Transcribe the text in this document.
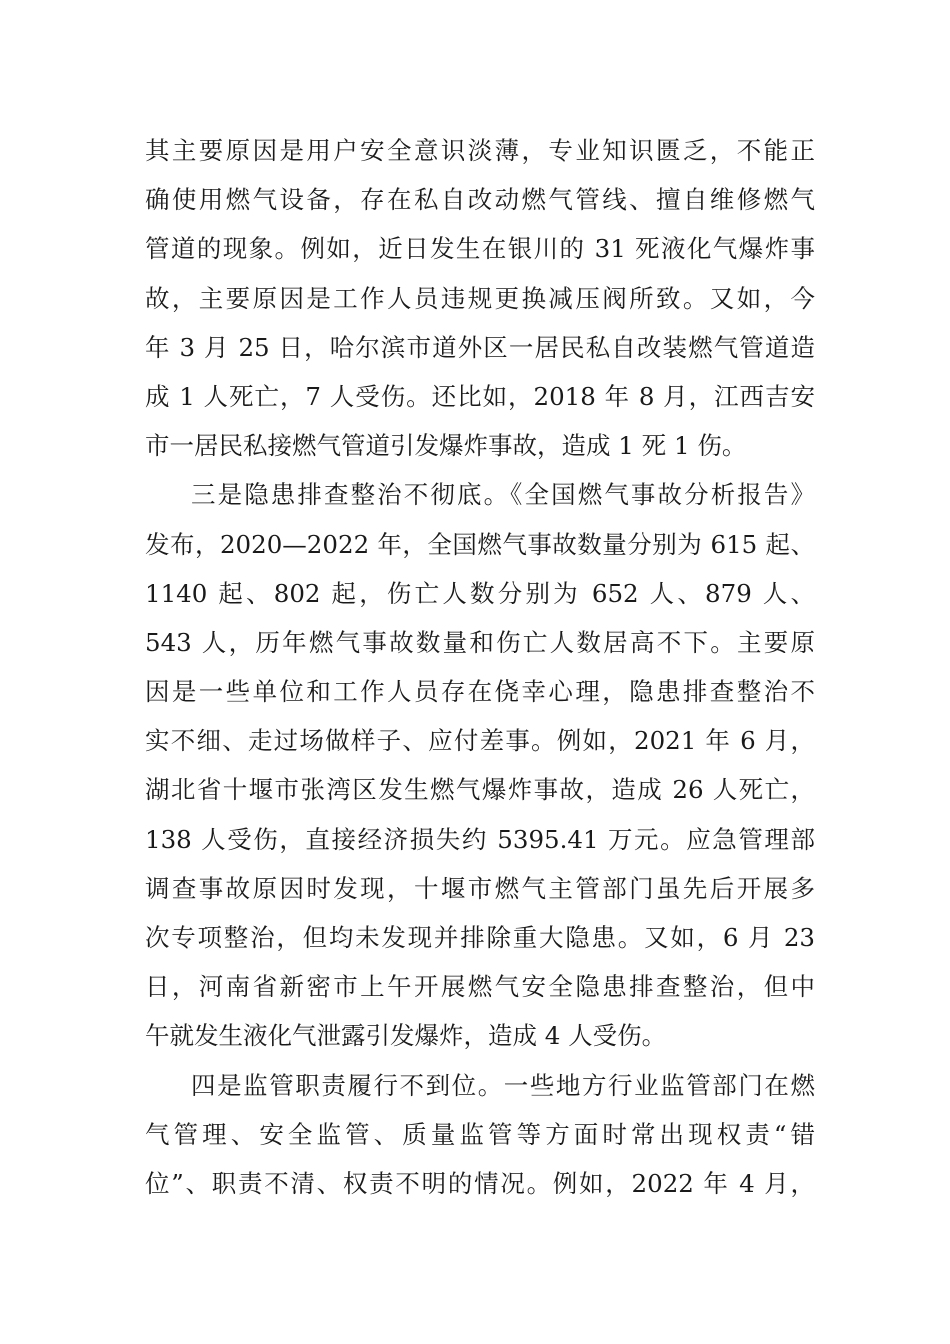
其主要原因是用户安全意识淡薄，专业知识匮乏，不能正
确使用燃气设备，存在私自改动燃气管线、擅自维修燃气
管道的现象。例如，近日发生在银川的 31 死液化气爆炸事
故，主要原因是工作人员违规更换减压阀所致。又如，今
年 3 月 25 日，哈尔滨市道外区一居民私自改装燃气管道造
成 1 人死亡，7 人受伤。还比如，2018 年 8 月，江西吉安
市一居民私接燃气管道引发爆炸事故，造成 1 死 1 伤。
三是隐患排查整治不彻底。《全国燃气事故分析报告》
发布，2020—2022 年，全国燃气事故数量分别为 615 起、
1140 起、802 起，伤亡人数分别为 652 人、879 人、
543 人，历年燃气事故数量和伤亡人数居高不下。主要原
因是一些单位和工作人员存在侥幸心理，隐患排查整治不
实不细、走过场做样子、应付差事。例如，2021 年 6 月，
湖北省十堰市张湾区发生燃气爆炸事故，造成 26 人死亡，
138 人受伤，直接经济损失约 5395.41 万元。应急管理部
调查事故原因时发现，十堰市燃气主管部门虽先后开展多
次专项整治，但均未发现并排除重大隐患。又如，6 月 23
日，河南省新密市上午开展燃气安全隐患排查整治，但中
午就发生液化气泄露引发爆炸，造成 4 人受伤。
四是监管职责履行不到位。一些地方行业监管部门在燃
气管理、安全监管、质量监管等方面时常出现权责“错
位”、职责不清、权责不明的情况。例如，2022 年 4 月，
